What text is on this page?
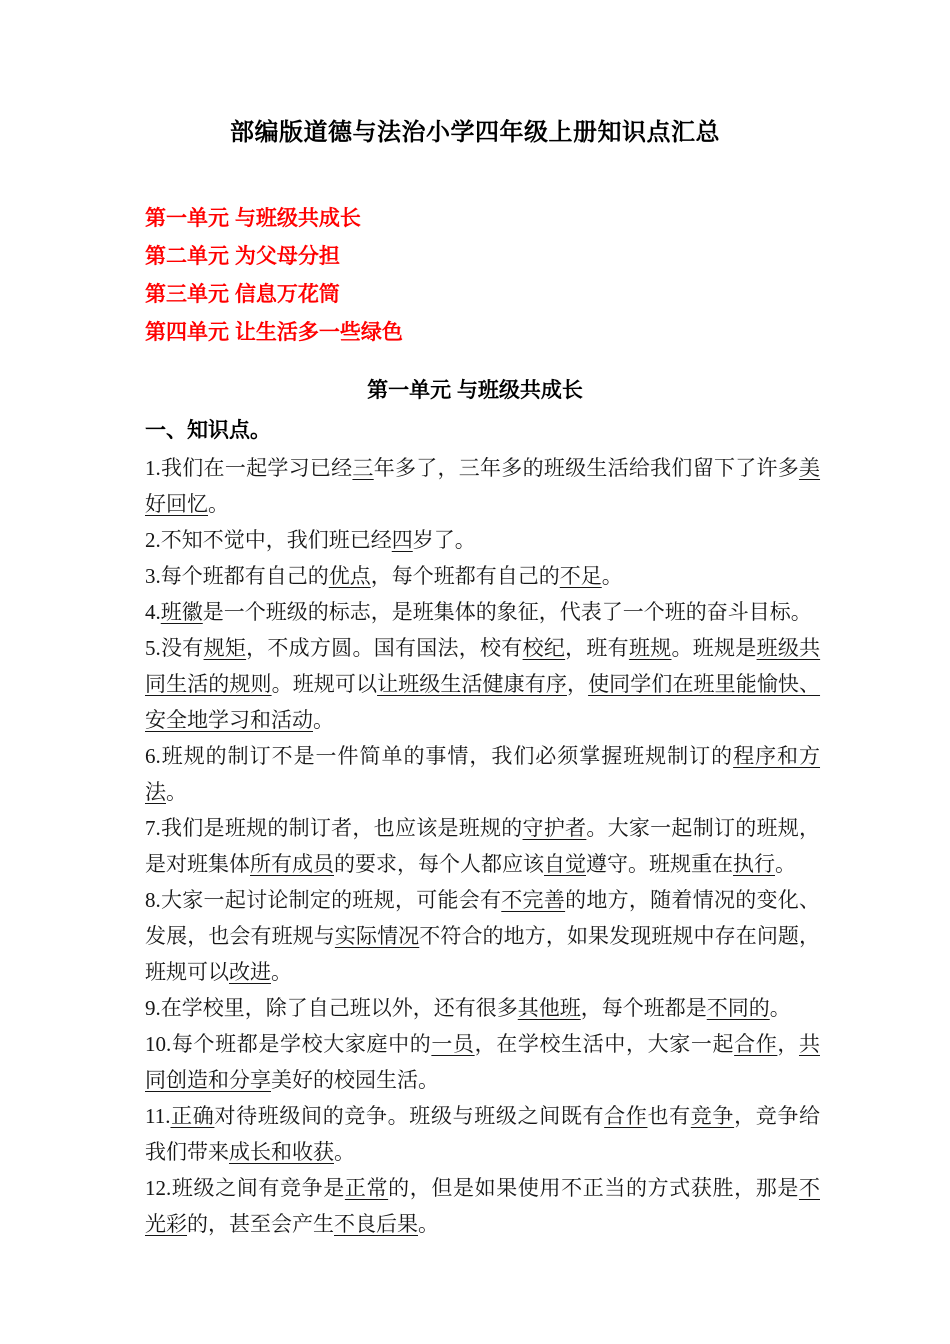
部编版道德与法治小学四年级上册知识点汇总
第一单元 与班级共成长
第二单元 为父母分担
第三单元 信息万花筒
第四单元 让生活多一些绿色
第一单元 与班级共成长
一、知识点。

1.我们在一起学习已经三年多了，三年多的班级生活给我们留下了许多美好回忆。

2.不知不觉中，我们班已经四岁了。

3.每个班都有自己的优点，每个班都有自己的不足。

4.班徽是一个班级的标志，是班集体的象征，代表了一个班的奋斗目标。

5.没有规矩，不成方圆。国有国法，校有校纪，班有班规。班规是班级共同生活的规则。班规可以让班级生活健康有序，使同学们在班里能愉快、安全地学习和活动。

6.班规的制订不是一件简单的事情，我们必须掌握班规制订的程序和方法。

7.我们是班规的制订者，也应该是班规的守护者。大家一起制订的班规，是对班集体所有成员的要求，每个人都应该自觉遵守。班规重在执行。

8.大家一起讨论制定的班规，可能会有不完善的地方，随着情况的变化、发展，也会有班规与实际情况不符合的地方，如果发现班规中存在问题，班规可以改进。

9.在学校里，除了自己班以外，还有很多其他班，每个班都是不同的。

10.每个班都是学校大家庭中的一员，在学校生活中，大家一起合作，共同创造和分享美好的校园生活。

11.正确对待班级间的竞争。班级与班级之间既有合作也有竞争，竞争给我们带来成长和收获。

12.班级之间有竞争是正常的，但是如果使用不正当的方式获胜，那是不光彩的，甚至会产生不良后果。
